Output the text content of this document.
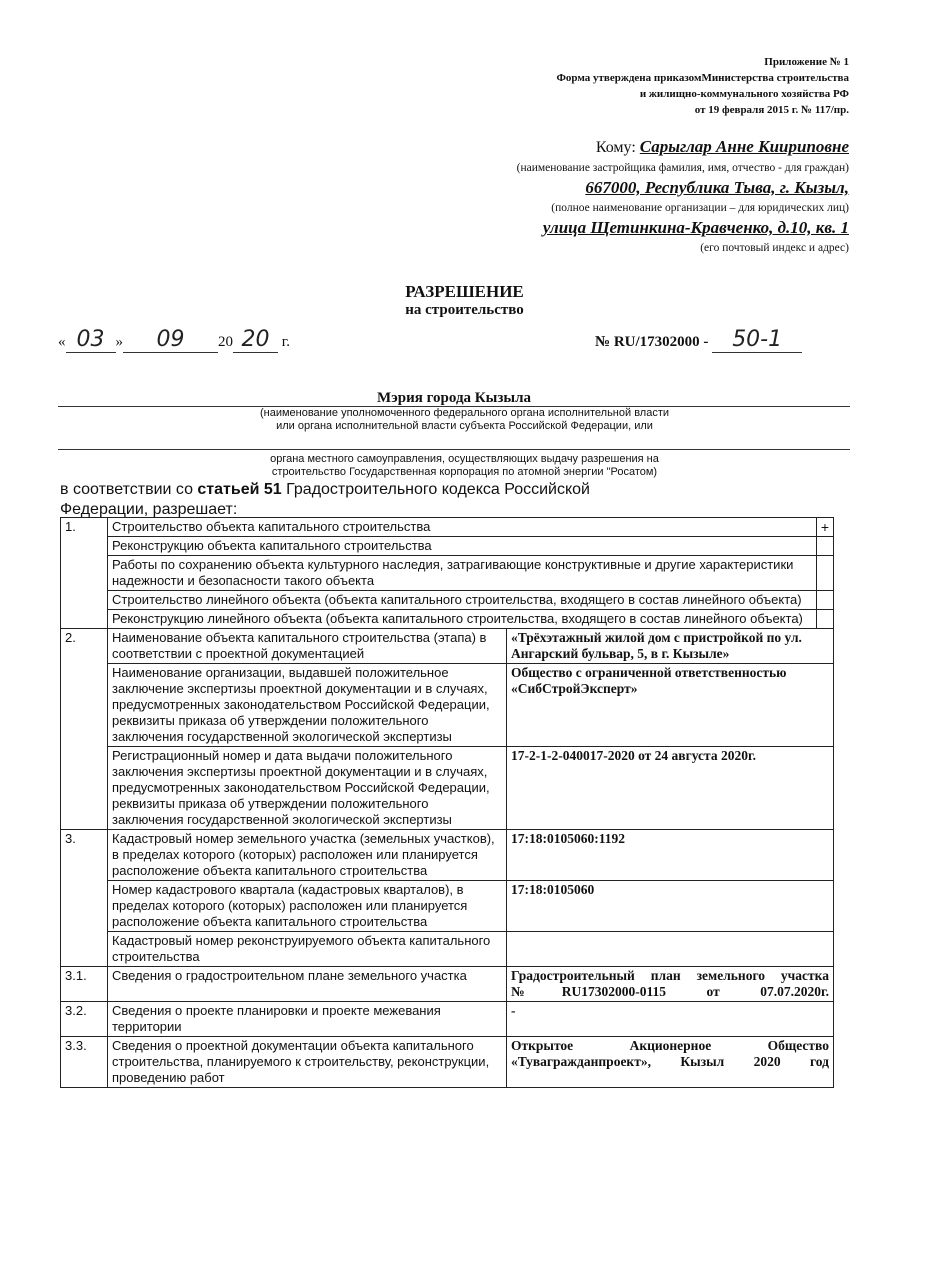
Приложение № 1
Форма утверждена приказомМинистерства строительства
и жилищно-коммунального хозяйства РФ
от 19 февраля 2015 г. № 117/пр.
Кому: Сарыглар Анне Киириповне
(наименование застройщика фамилия, имя, отчество - для граждан)
667000, Республика Тыва, г. Кызыл,
(полное наименование организации – для юридических лиц)
улица Щетинкина-Кравченко, д.10, кв. 1
(его почтовый индекс и адрес)
РАЗРЕШЕНИЕ
на строительство
« 03 » 09 20 20 г.	№ RU/17302000 - 50-1
Мэрия города Кызыла
(наименование уполномоченного федерального органа исполнительной власти
или органа исполнительной власти субъекта Российской Федерации, или
органа местного самоуправления, осуществляющих выдачу разрешения на
строительство Государственная корпорация по атомной энергии "Росатом)
в соответствии со статьей 51 Градостроительного кодекса Российской Федерации, разрешает:
1.	Строительство объекта капитального строительства		+
	Реконструкцию объекта капитального строительства		
	Работы по сохранению объекта культурного наследия, затрагивающие конструктивные и другие характеристики надежности и безопасности такого объекта		
	Строительство линейного объекта (объекта капитального строительства, входящего в состав линейного объекта)		
	Реконструкцию линейного объекта (объекта капитального строительства, входящего в состав линейного объекта)		
2.	Наименование объекта капитального строительства (этапа) в соответствии с проектной документацией	«Трёхэтажный жилой дом с пристройкой по ул. Ангарский бульвар, 5, в г. Кызыле»	
	Наименование организации, выдавшей положительное заключение экспертизы проектной документации и в случаях, предусмотренных законодательством Российской Федерации, реквизиты приказа об утверждении положительного заключения государственной экологической экспертизы	Общество с ограниченной ответственностью «СибСтройЭксперт»	
	Регистрационный номер и дата выдачи положительного заключения экспертизы проектной документации и в случаях, предусмотренных законодательством Российской Федерации, реквизиты приказа об утверждении положительного заключения государственной экологической экспертизы	17-2-1-2-040017-2020 от 24 августа 2020г.	
3.	Кадастровый номер земельного участка (земельных участков), в пределах которого (которых) расположен или планируется расположение объекта капитального строительства	17:18:0105060:1192	
	Номер кадастрового квартала (кадастровых кварталов), в пределах которого (которых) расположен или планируется расположение объекта капитального строительства	17:18:0105060	
	Кадастровый номер реконструируемого объекта капитального строительства		
3.1.	Сведения о градостроительном плане земельного участка	Градостроительный план земельного участка №RU17302000-0115 от 07.07.2020г.	
3.2.	Сведения о проекте планировки и проекте межевания территории	-	
3.3.	Сведения о проектной документации объекта капитального строительства, планируемого к строительству, реконструкции, проведению работ	Открытое Акционерное Общество «Тувагражданпроект», Кызыл 2020 год	
